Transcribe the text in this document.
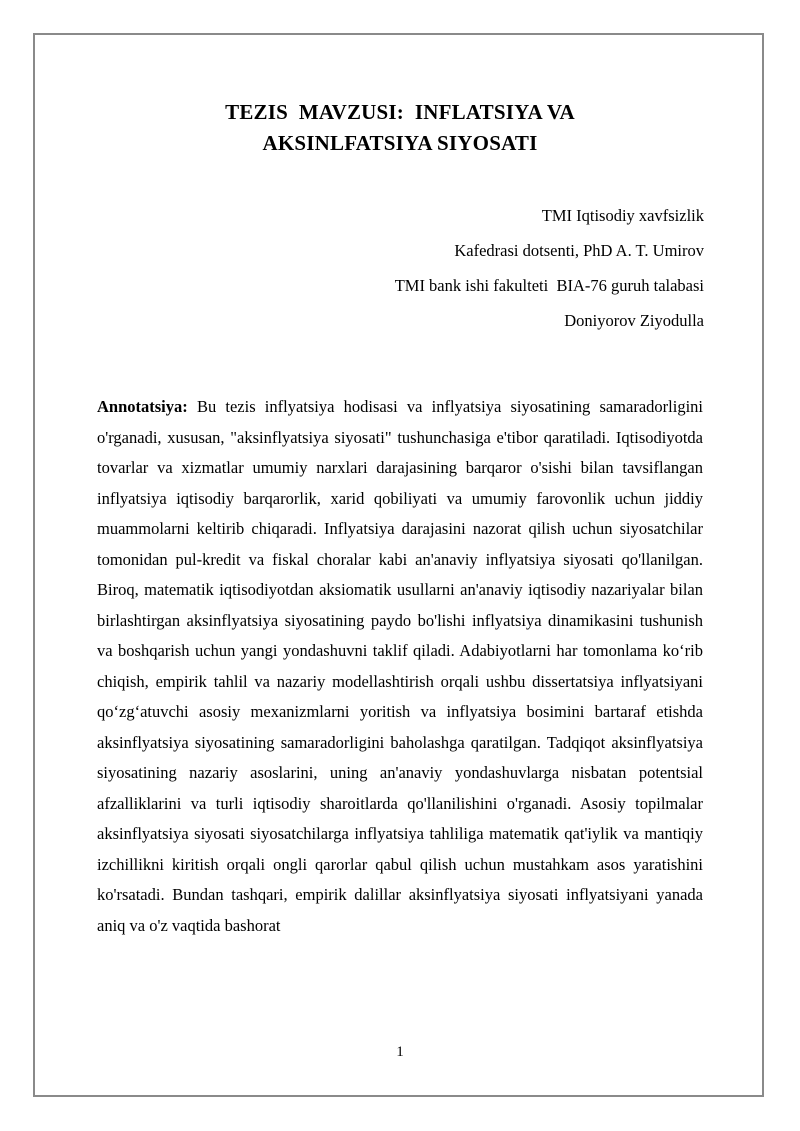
TEZIS  MAVZUSI:  INFLATSIYA VA
AKSINLFATSIYA SIYOSATI
TMI Iqtisodiy xavfsizlik
Kafedrasi dotsenti, PhD A. T. Umirov
TMI bank ishi fakulteti  BIA-76 guruh talabasi
Doniyorov Ziyodulla

Annotatsiya: Bu tezis inflyatsiya hodisasi va inflyatsiya siyosatining samaradorligini o'rganadi, xususan, "aksinflyatsiya siyosati" tushunchasiga e'tibor qaratiladi. Iqtisodiyotda tovarlar va xizmatlar umumiy narxlari darajasining barqaror o'sishi bilan tavsiflangan inflyatsiya iqtisodiy barqarorlik, xarid qobiliyati va umumiy farovonlik uchun jiddiy muammolarni keltirib chiqaradi. Inflyatsiya darajasini nazorat qilish uchun siyosatchilar tomonidan pul-kredit va fiskal choralar kabi an'anaviy inflyatsiya siyosati qo'llanilgan. Biroq, matematik iqtisodiyotdan aksiomatik usullarni an'anaviy iqtisodiy nazariyalar bilan birlashtirgan aksinflyatsiya siyosatining paydo bo'lishi inflyatsiya dinamikasini tushunish va boshqarish uchun yangi yondashuvni taklif qiladi. Adabiyotlarni har tomonlama ko‘rib chiqish, empirik tahlil va nazariy modellashtirish orqali ushbu dissertatsiya inflyatsiyani qo‘zg‘atuvchi asosiy mexanizmlarni yoritish va inflyatsiya bosimini bartaraf etishda aksinflyatsiya siyosatining samaradorligini baholashga qaratilgan. Tadqiqot aksinflyatsiya siyosatining nazariy asoslarini, uning an'anaviy yondashuvlarga nisbatan potentsial afzalliklarini va turli iqtisodiy sharoitlarda qo'llanilishini o'rganadi. Asosiy topilmalar aksinflyatsiya siyosati siyosatchilarga inflyatsiya tahliliga matematik qat'iylik va mantiqiy izchillikni kiritish orqali ongli qarorlar qabul qilish uchun mustahkam asos yaratishini ko'rsatadi. Bundan tashqari, empirik dalillar aksinflyatsiya siyosati inflyatsiyani yanada aniq va o'z vaqtida bashorat

1
